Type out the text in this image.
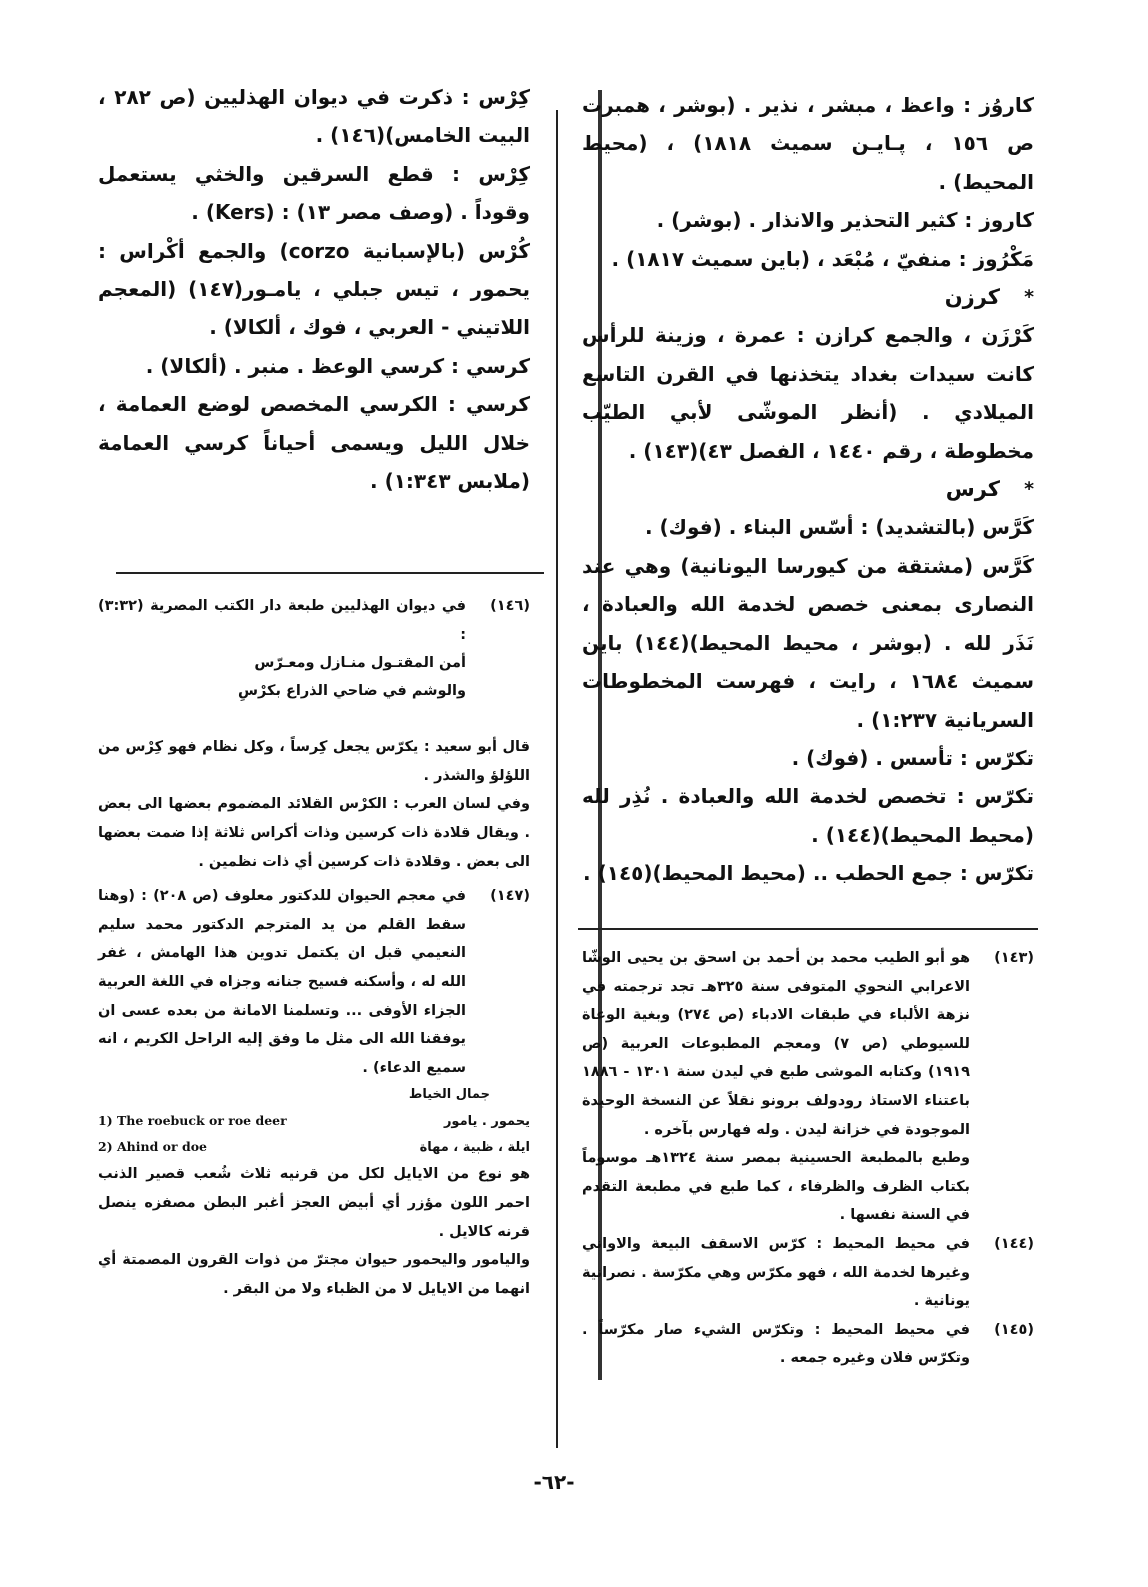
كاروُز : واعظ ، مبشر ، نذير . (بوشر ، همبرت ص ١٥٦ ، پـايـن سميث ١٨١٨) ، (محيط المحيط) .

كاروز : كثير التحذير والانذار . (بوشر) .

مَكْرُوز : منفيّ ، مُبْعَد ، (باين سميث ١٨١٧) .

*
كرزن

كَرْزَن ، والجمع كرازن : عمرة ، وزينة للرأس كانت سيدات بغداد يتخذنها في القرن التاسع الميلادي . (أنظر الموشّى لأبي الطيّب مخطوطة ، رقم ١٤٤٠ ، الفصل ٤٣)(١٤٣) .

*
كرس

كَرَّس (بالتشديد) : أسّس البناء . (فوك) .

كَرَّس (مشتقة من كيورسا اليونانية) وهي عند النصارى بمعنى خصص لخدمة الله والعبادة ، نَذَر لله . (بوشر ، محيط المحيط)(١٤٤) باين سميث ١٦٨٤ ، رايت ، فهرست المخطوطات السريانية ١:٢٣٧) .

تكرّس : تأسس . (فوك) .

تكرّس : تخصص لخدمة الله والعبادة . نُذِر لله (محيط المحيط)(١٤٤) .

تكرّس : جمع الحطب .. (محيط المحيط)(١٤٥) .

(١٤٣)
هو أبو الطيب محمد بن أحمد بن اسحق بن يحيى الوشّا الاعرابي النحوي المتوفى سنة ٣٢٥هـ تجد ترجمته في نزهة الألباء في طبقات الادباء (ص ٢٧٤) وبغية الوعاة للسيوطي (ص ٧) ومعجم المطبوعات العربية (ص ١٩١٩) وكتابه الموشى طبع في ليدن سنة ١٣٠١ - ١٨٨٦ باعتناء الاستاذ رودولف برونو نقلاً عن النسخة الوحيدة الموجودة في خزانة ليدن . وله فهارس بآخره .

وطبع بالمطبعة الحسينية بمصر سنة ١٣٢٤هـ موسوماً بكتاب الظرف والظرفاء ، كما طبع في مطبعة التقدم في السنة نفسها .

(١٤٤)
في محيط المحيط : كرّس الاسقف البيعة والاواني وغيرها لخدمة الله ، فهو مكرّس وهي مكرّسة . نصرانية يونانية .

(١٤٥)
في محيط المحيط : وتكرّس الشيء صار مكرّساً . وتكرّس فلان وغيره جمعه .

كِرْس : ذكرت في ديوان الهذليين (ص ٢٨٢ ، البيت الخامس)(١٤٦) .

كِرْس : قطع السرقين والخثي يستعمل وقوداً . (وصف مصر ١٣) : (Kers) .

كُرْس (بالإسبانية corzo) والجمع أكْراس : يحمور ، تيس جبلي ، يامـور(١٤٧) (المعجم اللاتيني - العربي ، فوك ، ألكالا) .

كرسي : كرسي الوعظ . منبر . (ألكالا) .

كرسي : الكرسي المخصص لوضع العمامة ، خلال الليل ويسمى أحياناً كرسي العمامة (ملابس ١:٣٤٣) .

(١٤٦)
في ديوان الهذليين طبعة دار الكتب المصرية (٣:٣٢) :

أمن المقتـول منـازل ومعـرّس
والوشم في ضاحي الذراع بكرْسِ

قال أبو سعيد : يكرّس يجعل كِرساً ، وكل نظام فهو كِرْس من اللؤلؤ والشذر .

وفي لسان العرب : الكرْس القلائد المضموم بعضها الى بعض . ويقال قلادة ذات كرسين وذات أكراس ثلاثة إذا ضمت بعضها الى بعض . وقلادة ذات كرسين أي ذات نظمين .

(١٤٧)
في معجم الحيوان للدكتور معلوف (ص ٢٠٨) : (وهنا سقط القلم من يد المترجم الدكتور محمد سليم النعيمي قبل ان يكتمل تدوين هذا الهامش ، غفر الله له ، وأسكنه فسيح جنانه وجزاه في اللغة العربية الجزاء الأوفى ... وتسلمنا الامانة من بعده عسى ان يوفقنا الله الى مثل ما وفق إليه الراحل الكريم ، انه سميع الدعاء) .

جمال الخياط

يحمور . يامور
1) The roebuck or roe deer
ايلة ، ظبية ، مهاة
2) Ahind or doe

هو نوع من الايايل لكل من قرنيه ثلاث شُعب قصير الذنب احمر اللون مؤزر أي أبيض العجز أغبر البطن مصفزه ينصل قرنه كالايل .

واليامور واليحمور حيوان مجترّ من ذوات القرون المصمتة أي انهما من الايايل لا من الظباء ولا من البقر .

-٦٢-
